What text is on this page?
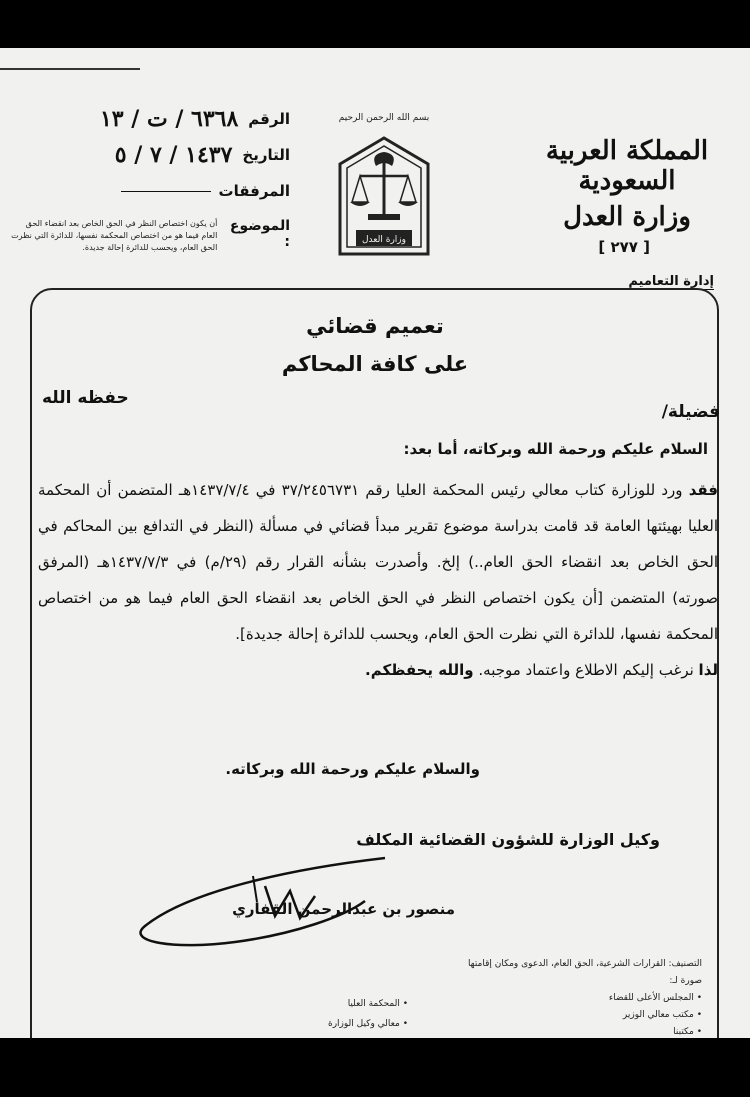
المملكة العربية السعودية
وزارة العدل
[ ٢٧٧ ]
إدارة التعاميم
بسم الله الرحمن الرحيم
وزارة العدل
الرقم
٦٣٦٨ / ت / ١٣
التاريخ
١٤٣٧ / ٧ / ٥
المرفقات
الموضوع :
أن يكون اختصاص النظر في الحق الخاص بعد انقضاء الحق العام فيما هو من اختصاص المحكمة نفسها، للدائرة التي نظرت الحق العام، ويحسب للدائرة إحالة جديدة.
تعميم قضائي
على كافة المحاكم
حفظه الله
فضيلة/
السلام عليكم ورحمة الله وبركاته، أما بعد:

فقد ورد للوزارة كتاب معالي رئيس المحكمة العليا رقم ٣٧/٢٤٥٦٧٣١ في ١٤٣٧/٧/٤هـ المتضمن أن المحكمة العليا بهيئتها العامة قد قامت بدراسة موضوع تقرير مبدأ قضائي في مسألة (النظر في التدافع بين المحاكم في الحق الخاص بعد انقضاء الحق العام..) إلخ. وأصدرت بشأنه القرار رقم (٢٩/م) في ١٤٣٧/٧/٣هـ (المرفق صورته) المتضمن [أن يكون اختصاص النظر في الحق الخاص بعد انقضاء الحق العام فيما هو من اختصاص المحكمة نفسها، للدائرة التي نظرت الحق العام، ويحسب للدائرة إحالة جديدة].

لذا نرغب إليكم الاطلاع واعتماد موجبه. والله يحفظكم.

والسلام عليكم ورحمة الله وبركاته.
وكيل الوزارة للشؤون القضائية المكلف
منصور بن عبدالرحمن القفاري
التصنيف: القرارات الشرعية، الحق العام، الدعوى ومكان إقامتها
صورة لـ:
• المجلس الأعلى للقضاء
• مكتب معالي الوزير
• مكتبنا
• المحكمة العليا
• معالي وكيل الوزارة
